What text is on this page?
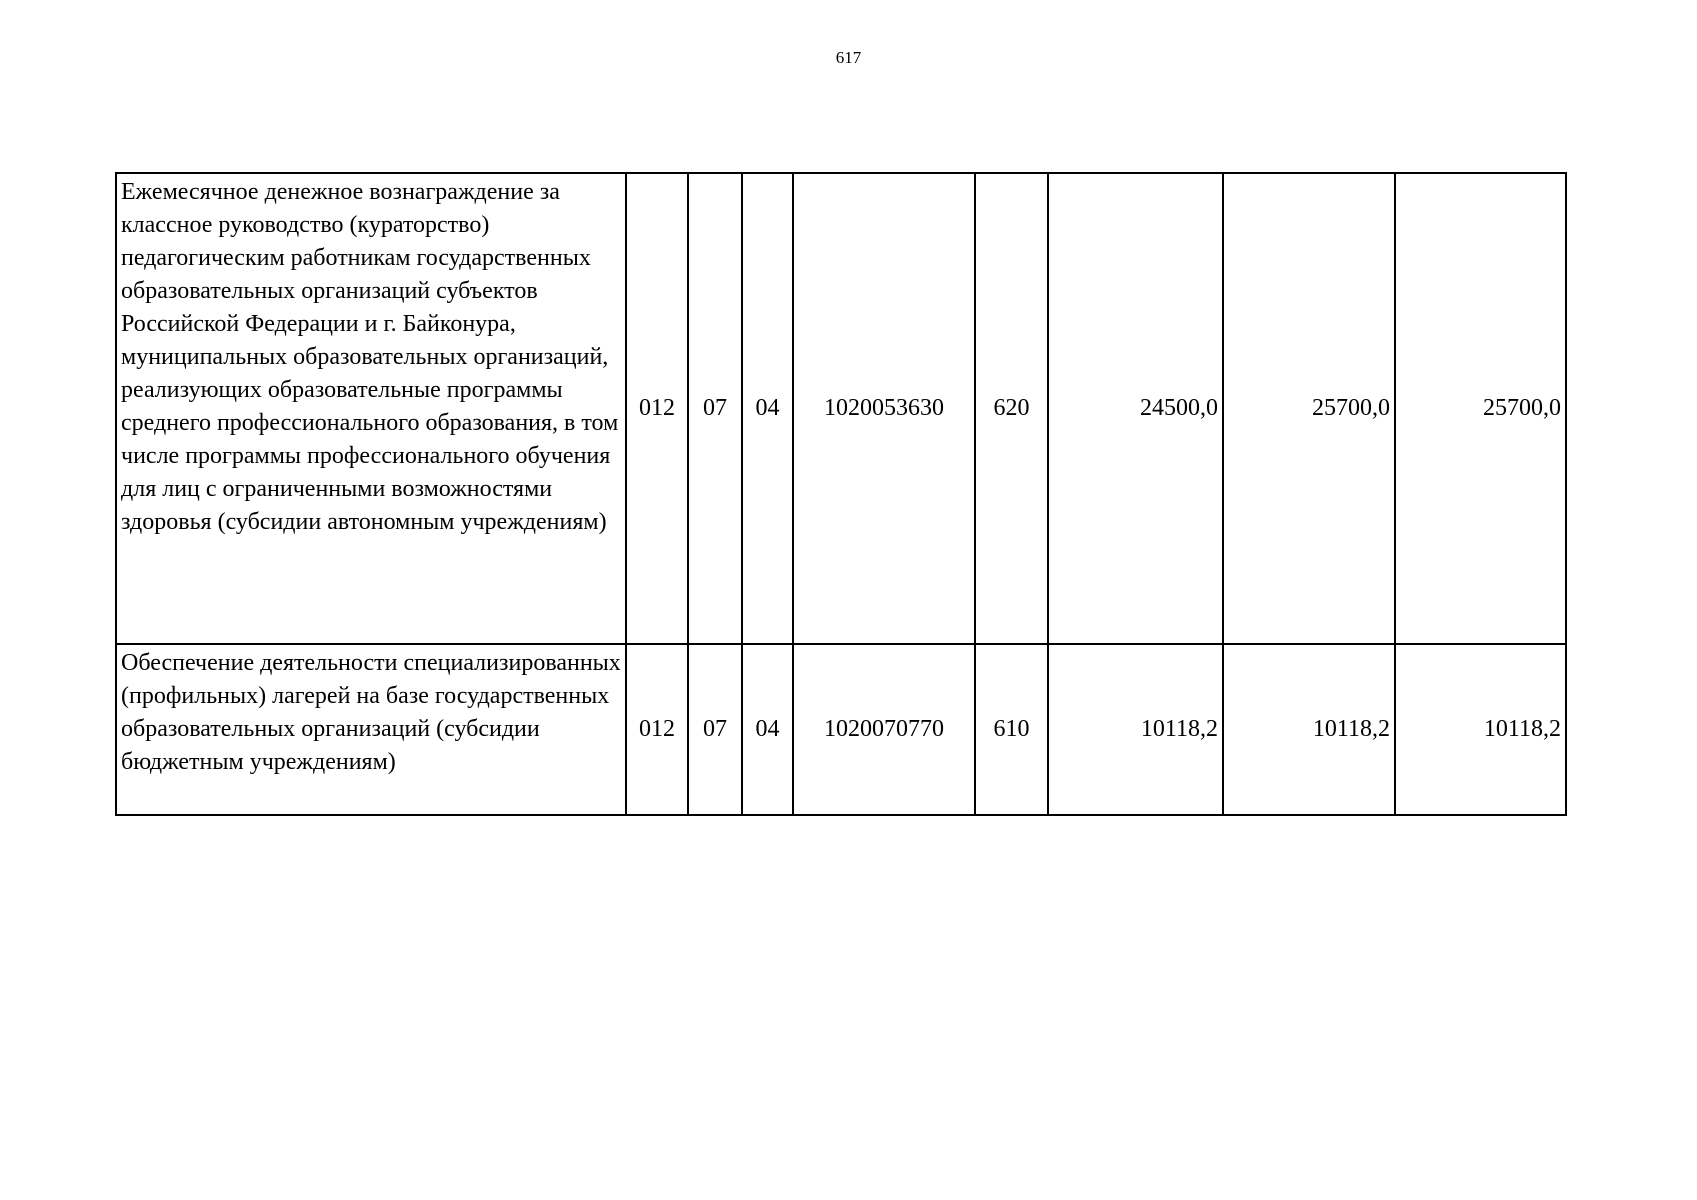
617
Ежемесячное денежное вознаграждение за классное руководство (кураторство) педагогическим работникам государственных образовательных организаций субъектов Российской Федерации и г. Байконура, муниципальных образовательных организаций, реализующих образовательные программы среднего профессионального образования, в том числе программы профессионального обучения для лиц с ограниченными возможностями здоровья (субсидии автономным учреждениям)	012	07	04	1020053630	620	24500,0	25700,0	25700,0
Обеспечение деятельности специализированных (профильных) лагерей на базе государственных образовательных организаций (субсидии бюджетным учреждениям)	012	07	04	1020070770	610	10118,2	10118,2	10118,2
